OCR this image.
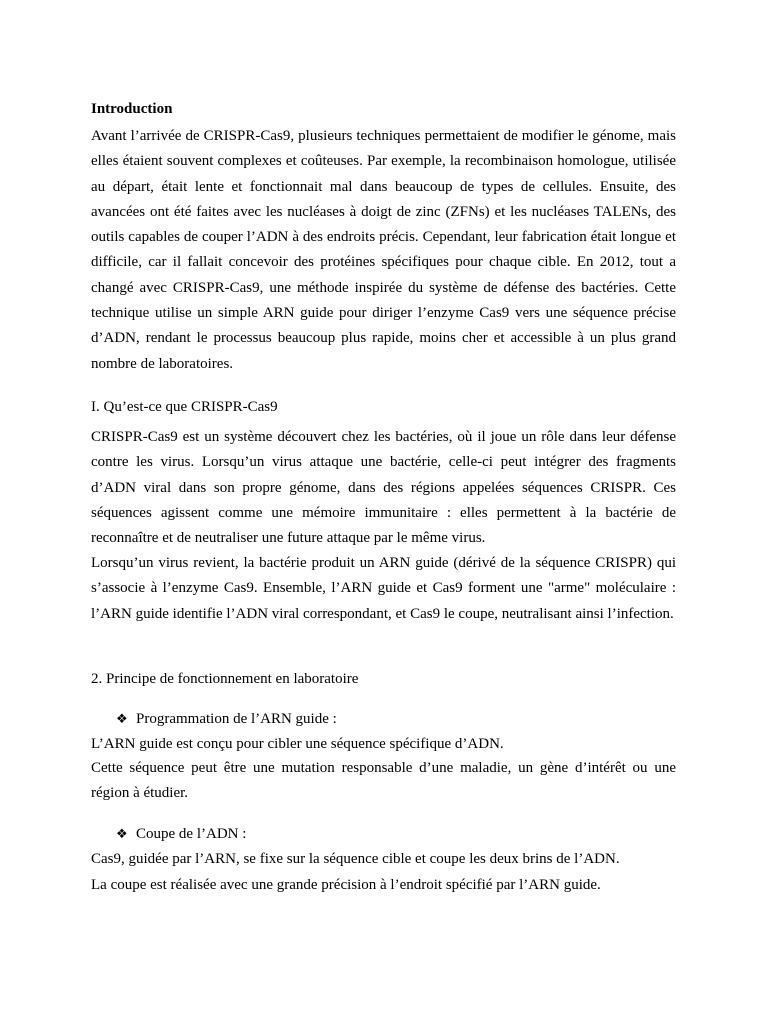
Introduction

Avant l’arrivée de CRISPR-Cas9, plusieurs techniques permettaient de modifier le génome, mais elles étaient souvent complexes et coûteuses. Par exemple, la recombinaison homologue, utilisée au départ, était lente et fonctionnait mal dans beaucoup de types de cellules. Ensuite, des avancées ont été faites avec les nucléases à doigt de zinc (ZFNs) et les nucléases TALENs, des outils capables de couper l’ADN à des endroits précis. Cependant, leur fabrication était longue et difficile, car il fallait concevoir des protéines spécifiques pour chaque cible. En 2012, tout a changé avec CRISPR-Cas9, une méthode inspirée du système de défense des bactéries. Cette technique utilise un simple ARN guide pour diriger l’enzyme Cas9 vers une séquence précise d’ADN, rendant le processus beaucoup plus rapide, moins cher et accessible à un plus grand nombre de laboratoires.

I. Qu’est-ce que CRISPR-Cas9

CRISPR-Cas9 est un système découvert chez les bactéries, où il joue un rôle dans leur défense contre les virus. Lorsqu’un virus attaque une bactérie, celle-ci peut intégrer des fragments d’ADN viral dans son propre génome, dans des régions appelées séquences CRISPR. Ces séquences agissent comme une mémoire immunitaire : elles permettent à la bactérie de reconnaître et de neutraliser une future attaque par le même virus.

Lorsqu’un virus revient, la bactérie produit un ARN guide (dérivé de la séquence CRISPR) qui s’associe à l’enzyme Cas9. Ensemble, l’ARN guide et Cas9 forment une "arme" moléculaire : l’ARN guide identifie l’ADN viral correspondant, et Cas9 le coupe, neutralisant ainsi l’infection.

2. Principe de fonctionnement en laboratoire
❖ Programmation de l’ARN guide :
L’ARN guide est conçu pour cibler une séquence spécifique d’ADN.

Cette séquence peut être une mutation responsable d’une maladie, un gène d’intérêt ou une région à étudier.

❖ Coupe de l’ADN :
Cas9, guidée par l’ARN, se fixe sur la séquence cible et coupe les deux brins de l’ADN.
La coupe est réalisée avec une grande précision à l’endroit spécifié par l’ARN guide.
